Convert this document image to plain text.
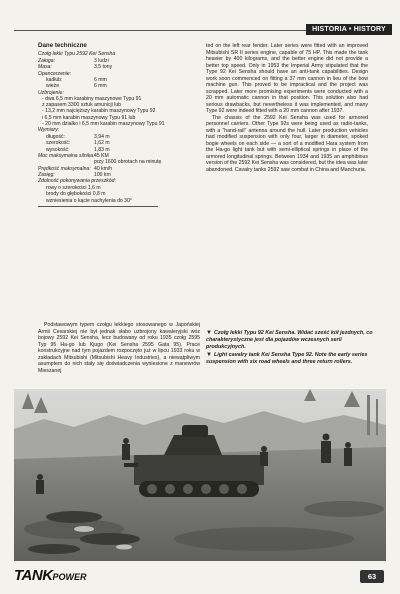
HISTORIA • HISTORY
Dane techniczne
Czołg lekki Typu 2592 Kei Sensha
Załoga:	3 ludzi
Masa:	3,5 tony
Opancerzenie:
kadłub:	6 mm
wieże	6 mm
Uzbrojenie:
- dwa 6,5 mm karabiny maszynowe Typu 91
z zapasem 3300 sztuk amunicji lub
- 13,2 mm najcięższy karabin maszynowy Typu 92
i 6,5 mm karabin maszynowy Typu 91 lub
- 20 mm działko i 6,5 mm karabin maszynowy Typu 91
Wymiary:
długość:	3,94 m
szerokość:	1,62 m
wysokość:	1,83 m
Moc maksymalna silnika: 45 KM
przy 1600 obrotach na minutę
Prędkość maksymalna: 40 km/h
Zasięg:	100 km
Zdolność pokonywania przeszkód:
rowy o szerokości 1,6 m
brody do głębokości 0,8 m
wzniesienia o kącie nachylenia do 30°

Podstawowym typem czołgu lekkiego stosowanego w Japońskiej Armii Cesarskiej nie był jednak słabo uzbrojony kawaleryjski wóz bojowy 2592 Kei Sensha, lecz budowany od roku 1935 czołg 2595 Typ 95 Ha-go lub Kjugo (Kei Sensha 2595 Gata 95). Prace konstrukcyjne nad tym pojazdem rozpoczęto już w lipcu 1933 roku w zakładach Mitsubishi (Mitsubishi Heavy Industries), a niewątpliwym asumptem do nich stały się doświadczenia wyniesione z manewrów Mieszanej

ted on the left rear fender. Later series were fitted with an improved Mitsubishi SR II series engine, capable of 75 HP. This made the tank heavier by 400 kilograms, and the better engine did not provide a better top speed. Only in 1953 the Imperial Army stipulated that the Type 92 Kei Sensha should have an anti-tank capabilities. Design work soon commenced on fitting a 37 mm cannon in lieu of the bow machine gun. This proved to be impractical and the project was scrapped. Later more promising experiments were conducted with a 20 mm automatic cannon in that position. This solution also had serious drawbacks, but nevertheless it was implemented, and many Type 92 were indeed fitted with a 20 mm cannon after 1937.

The chassis of the 2592 Kei Sensha was used for armored personnel carriers. Other Type 92s were being used as radio-tanks, with a "hand-rail" antenna around the hull. Later production vehicles had modified suspension with only four, larger in diameter, spoked bogie wheels on each side — a sort of a modified Hara system from the Ha-go light tank but with semi-elliptical springs in place of the armored longitudinal springs. Between 1934 and 1935 an amphibious version of the 2592 Kei Sensha was considered, but the idea was later abandoned. Cavalry tanks 2592 saw combat in China and Manchuria.

▼ Czołg lekki Typu 92 Kei Sensha. Widać sześć kół jezdnych, co charakterystyczne jest dla pojazdów wczesnych serii produkcyjnych.
▼ Light cavalry tank Kei Sensha Type 92. Note the early series suspension with six road wheels and three return rollers.
TANKPOWER	63
